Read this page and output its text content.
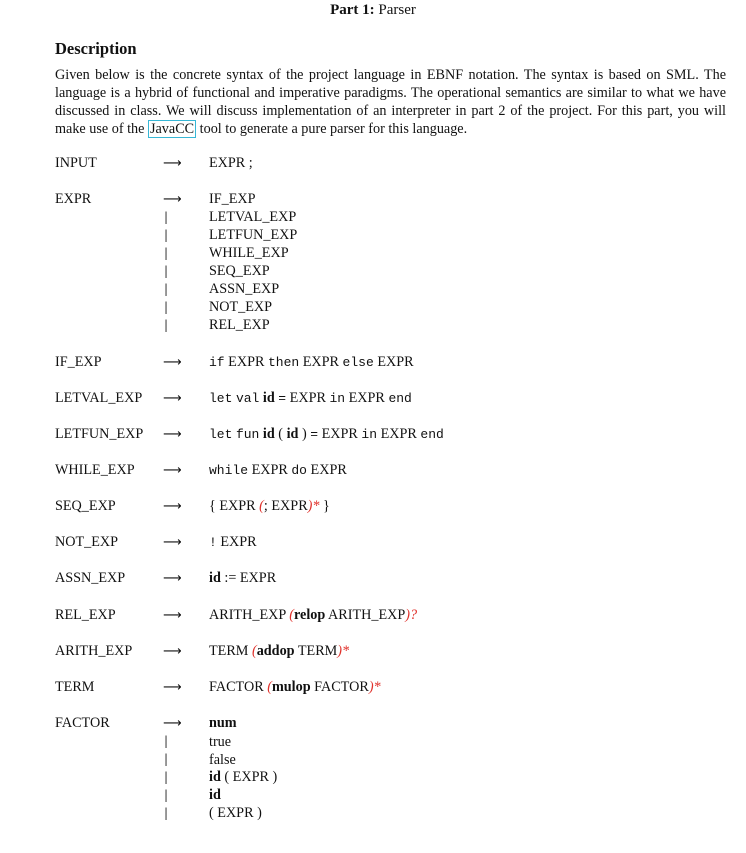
Part 1: Parser
Description
Given below is the concrete syntax of the project language in EBNF notation. The syntax is based on SML. The language is a hybrid of functional and imperative paradigms. The operational semantics are similar to what we have discussed in class. We will discuss implementation of an interpreter in part 2 of the project. For this part, you will make use of the JavaCC tool to generate a pure parser for this language.
INPUT	⟶ EXPR ;
EXPR	⟶ IF_EXP
|	LETVAL_EXP
|	LETFUN_EXP
|	WHILE_EXP
|	SEQ_EXP
|	ASSN_EXP
|	NOT_EXP
|	REL_EXP
IF_EXP	⟶ if EXPR then EXPR else EXPR
LETVAL_EXP ⟶ let val id = EXPR in EXPR end
LETFUN_EXP ⟶ let fun id ( id ) = EXPR in EXPR end
WHILE_EXP ⟶ while EXPR do EXPR
SEQ_EXP	⟶ { EXPR (; EXPR)* }
NOT_EXP	⟶ ! EXPR
ASSN_EXP	⟶ id := EXPR
REL_EXP	⟶ ARITH_EXP (relop ARITH_EXP)?
ARITH_EXP ⟶ TERM (addop TERM)*
TERM	⟶ FACTOR (mulop FACTOR)*
FACTOR	⟶ num
|	true
|	false
|	id ( EXPR )
|	id
|	( EXPR )
